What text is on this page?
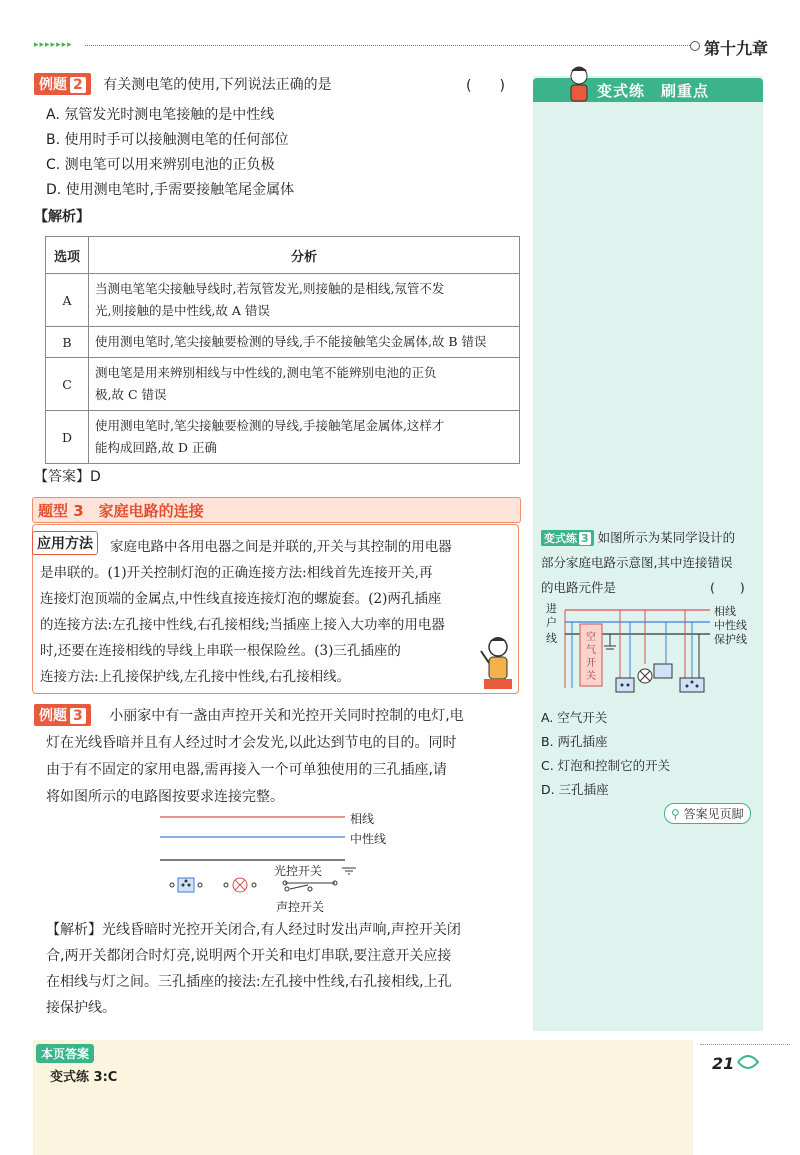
▸▸▸▸▸▸▸	第十九章
例题 2 有关测电笔的使用,下列说法正确的是	(　　)
A. 氖管发光时测电笔接触的是中性线
B. 使用时手可以接触测电笔的任何部位
C. 测电笔可以用来辨别电池的正负极
D. 使用测电笔时,手需要接触笔尾金属体
【解析】
选项	分析
A	当测电笔笔尖接触导线时,若氖管发光,则接触的是相线,氖管不发
光,则接触的是中性线,故 A 错误

B	使用测电笔时,笔尖接触要检测的导线,手不能接触笔尖金属体,故 B 错误

C	测电笔是用来辨别相线与中性线的,测电笔不能辨别电池的正负
极,故 C 错误

D	使用测电笔时,笔尖接触要检测的导线,手接触笔尾金属体,这样才
能构成回路,故 D 正确
【答案】D
题型 3　家庭电路的连接
应用方法	家庭电路中各用电器之间是并联的,开关与其控制的用电器
是串联的。(1)开关控制灯泡的正确连接方法:相线首先连接开关,再
连接灯泡顶端的金属点,中性线直接连接灯泡的螺旋套。(2)两孔插座
的连接方法:左孔接中性线,右孔接相线;当插座上接入大功率的用电器
时,还要在连接相线的导线上串联一根保险丝。(3)三孔插座的
连接方法:上孔接保护线,左孔接中性线,右孔接相线。
例题 3 小丽家中有一盏由声控开关和光控开关同时控制的电灯,电
灯在光线昏暗并且有人经过时才会发光,以此达到节电的目的。同时
由于有不固定的家用电器,需再接入一个可单独使用的三孔插座,请
将如图所示的电路图按要求连接完整。
相线
中性线
光控开关
声控开关
【解析】光线昏暗时光控开关闭合,有人经过时发出声响,声控开关闭
合,两开关都闭合时灯亮,说明两个开关和电灯串联,要注意开关应接
在相线与灯之间。三孔插座的接法:左孔接中性线,右孔接相线,上孔
接保护线。
变式练　刷重点
变式练 3 如图所示为某同学设计的
部分家庭电路示意图,其中连接错误
的电路元件是	(　　)
进
户
线
相线
中性线
保护线
空
气
开
关
A. 空气开关
B. 两孔插座
C. 灯泡和控制它的开关
D. 三孔插座
⚲ 答案见页脚
本页答案
变式练 3:C
21
